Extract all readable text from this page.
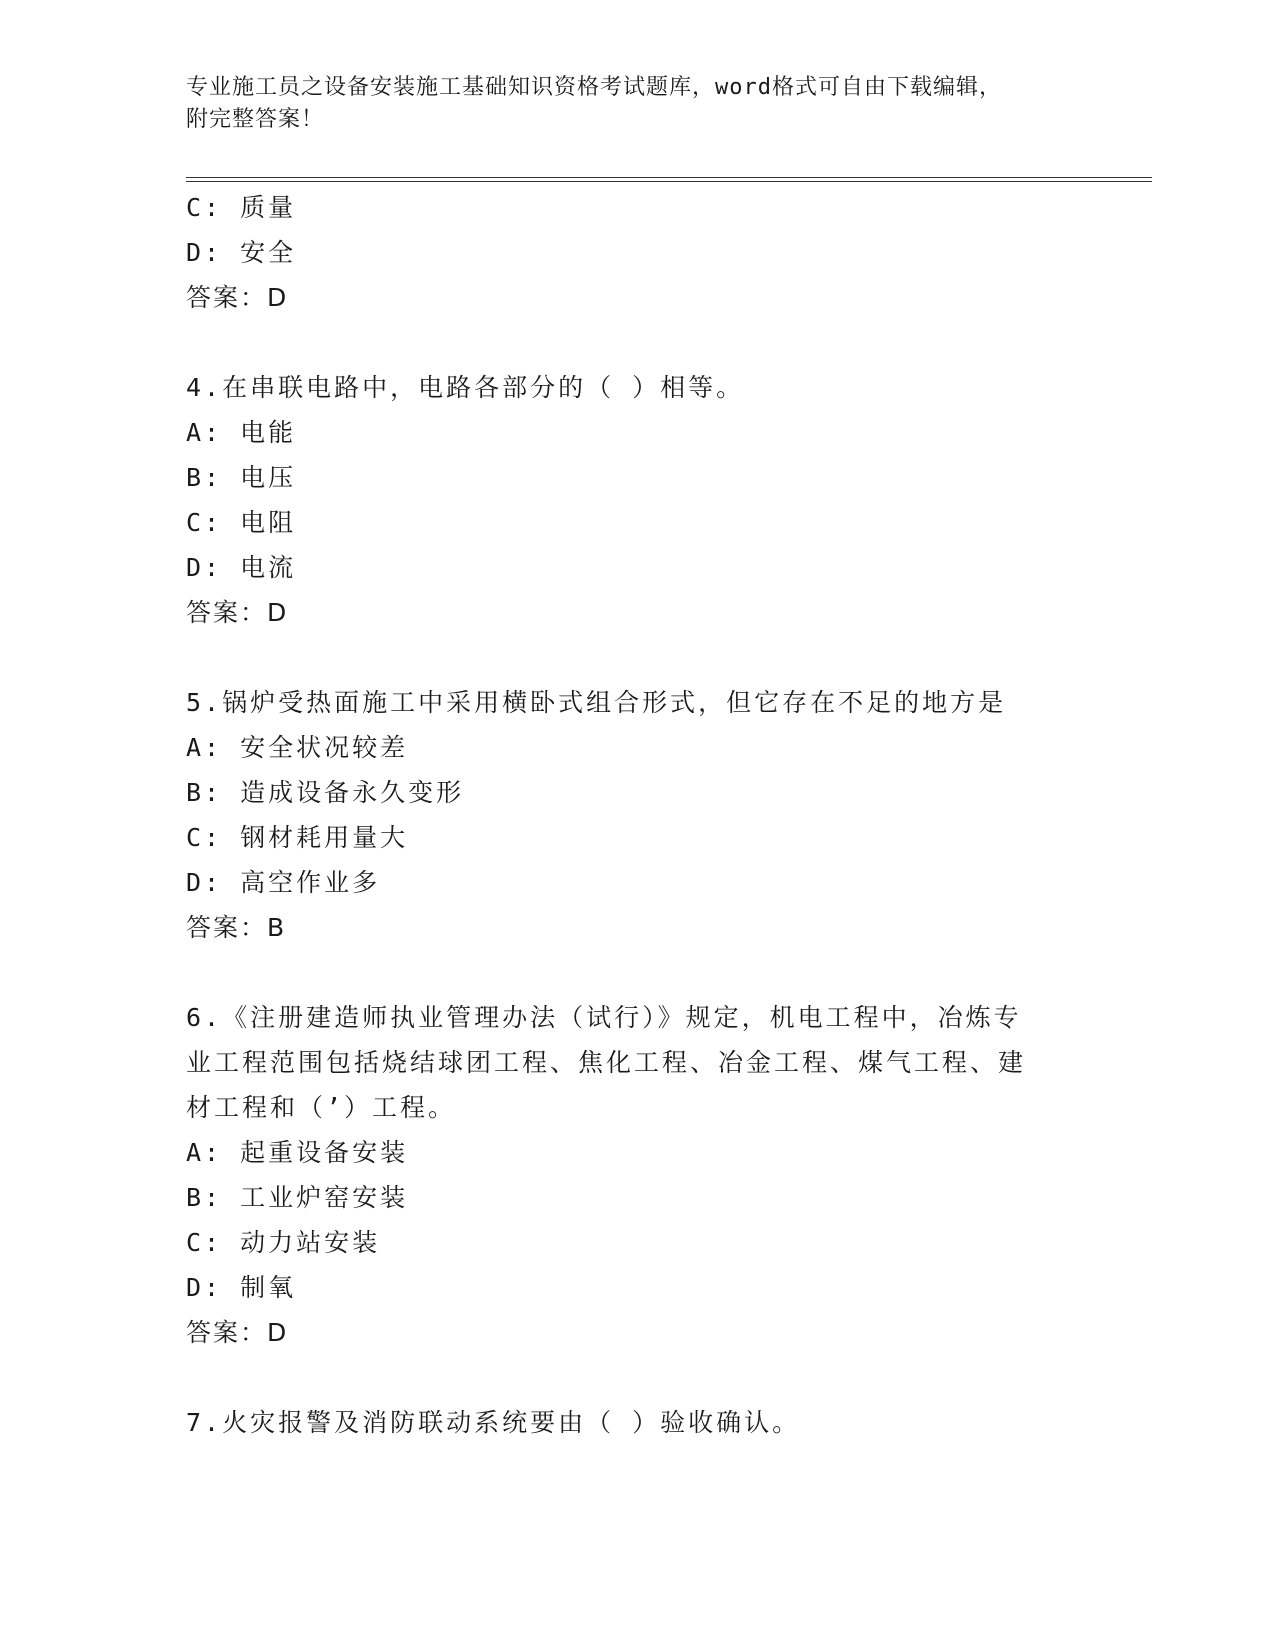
专业施工员之设备安装施工基础知识资格考试题库，word格式可自由下载编辑，
附完整答案！
C: 质量
D: 安全
答案：D
4.在串联电路中，电路各部分的（ ）相等。
A: 电能
B: 电压
C: 电阻
D: 电流
答案：D
5.锅炉受热面施工中采用横卧式组合形式，但它存在不足的地方是
A: 安全状况较差
B: 造成设备永久变形
C: 钢材耗用量大
D: 高空作业多
答案：B
6.《注册建造师执业管理办法（试行）》规定，机电工程中，冶炼专
业工程范围包括烧结球团工程、焦化工程、冶金工程、煤气工程、建
材工程和（’）工程。
A: 起重设备安装
B: 工业炉窑安装
C: 动力站安装
D: 制氧
答案：D
7.火灾报警及消防联动系统要由（ ）验收确认。
